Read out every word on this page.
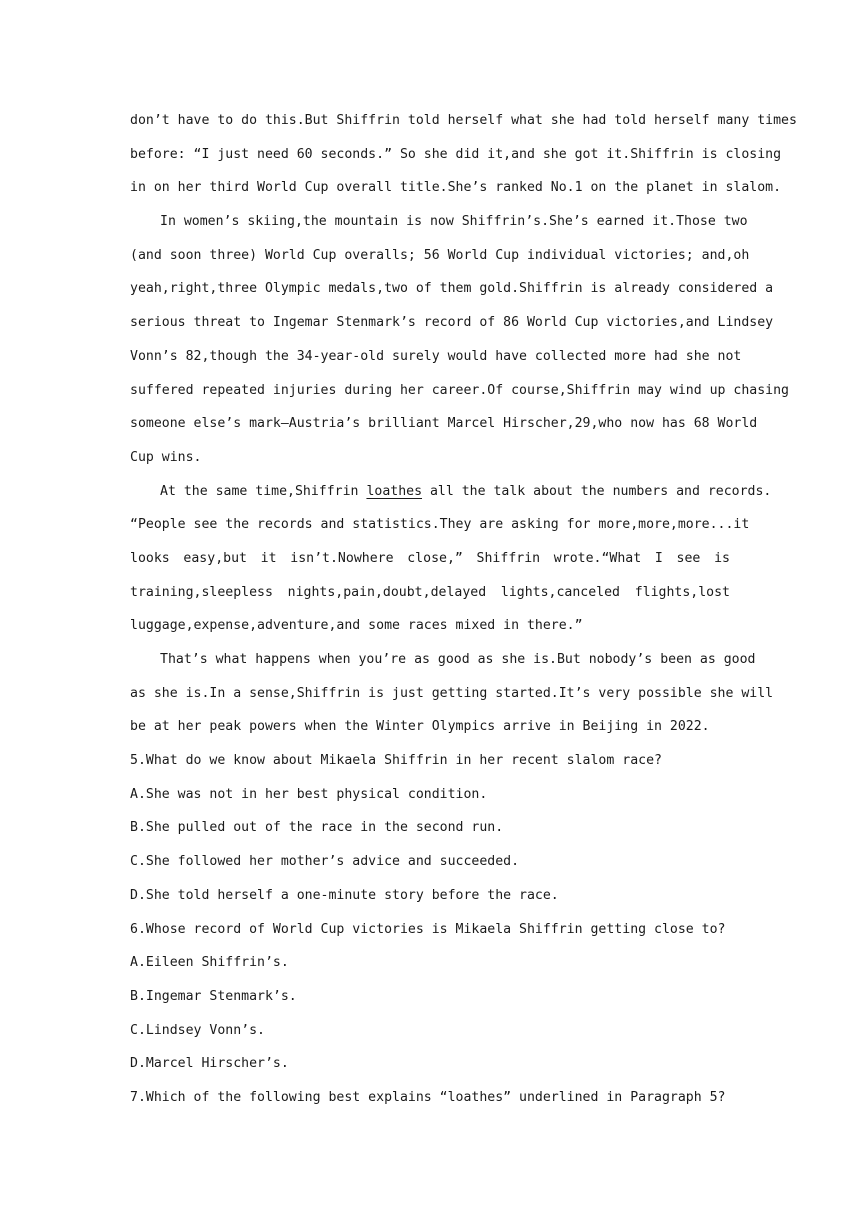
don’t have to do this.But Shiffrin told herself what she had told herself many times
before: “I just need 60 seconds.” So she did it,and she got it.Shiffrin is closing
in on her third World Cup overall title.She’s ranked No.1 on the planet in slalom.
In women’s skiing,the mountain is now Shiffrin’s.She’s earned it.Those two
(and soon three) World Cup overalls; 56 World Cup individual victories; and,oh
yeah,right,three Olympic medals,two of them gold.Shiffrin is already considered a
serious threat to Ingemar Stenmark’s record of 86 World Cup victories,and Lindsey
Vonn’s 82,though the 34-year-old surely would have collected more had she not
suffered repeated injuries during her career.Of course,Shiffrin may wind up chasing
someone else’s mark—Austria’s brilliant Marcel Hirscher,29,who now has 68 World
Cup wins.
At the same time,Shiffrin loathes all the talk about the numbers and records.
“People see the records and statistics.They are asking for more,more,more...it
looks easy,but it isn’t.Nowhere close,” Shiffrin wrote.“What I see is
training,sleepless nights,pain,doubt,delayed lights,canceled flights,lost
luggage,expense,adventure,and some races mixed in there.”
That’s what happens when you’re as good as she is.But nobody’s been as good
as she is.In a sense,Shiffrin is just getting started.It’s very possible she will
be at her peak powers when the Winter Olympics arrive in Beijing in 2022.
5.What do we know about Mikaela Shiffrin in her recent slalom race?
A.She was not in her best physical condition.
B.She pulled out of the race in the second run.
C.She followed her mother’s advice and succeeded.
D.She told herself a one-minute story before the race.
6.Whose record of World Cup victories is Mikaela Shiffrin getting close to?
A.Eileen Shiffrin’s.
B.Ingemar Stenmark’s.
C.Lindsey Vonn’s.
D.Marcel Hirscher’s.
7.Which of the following best explains “loathes” underlined in Paragraph 5?
